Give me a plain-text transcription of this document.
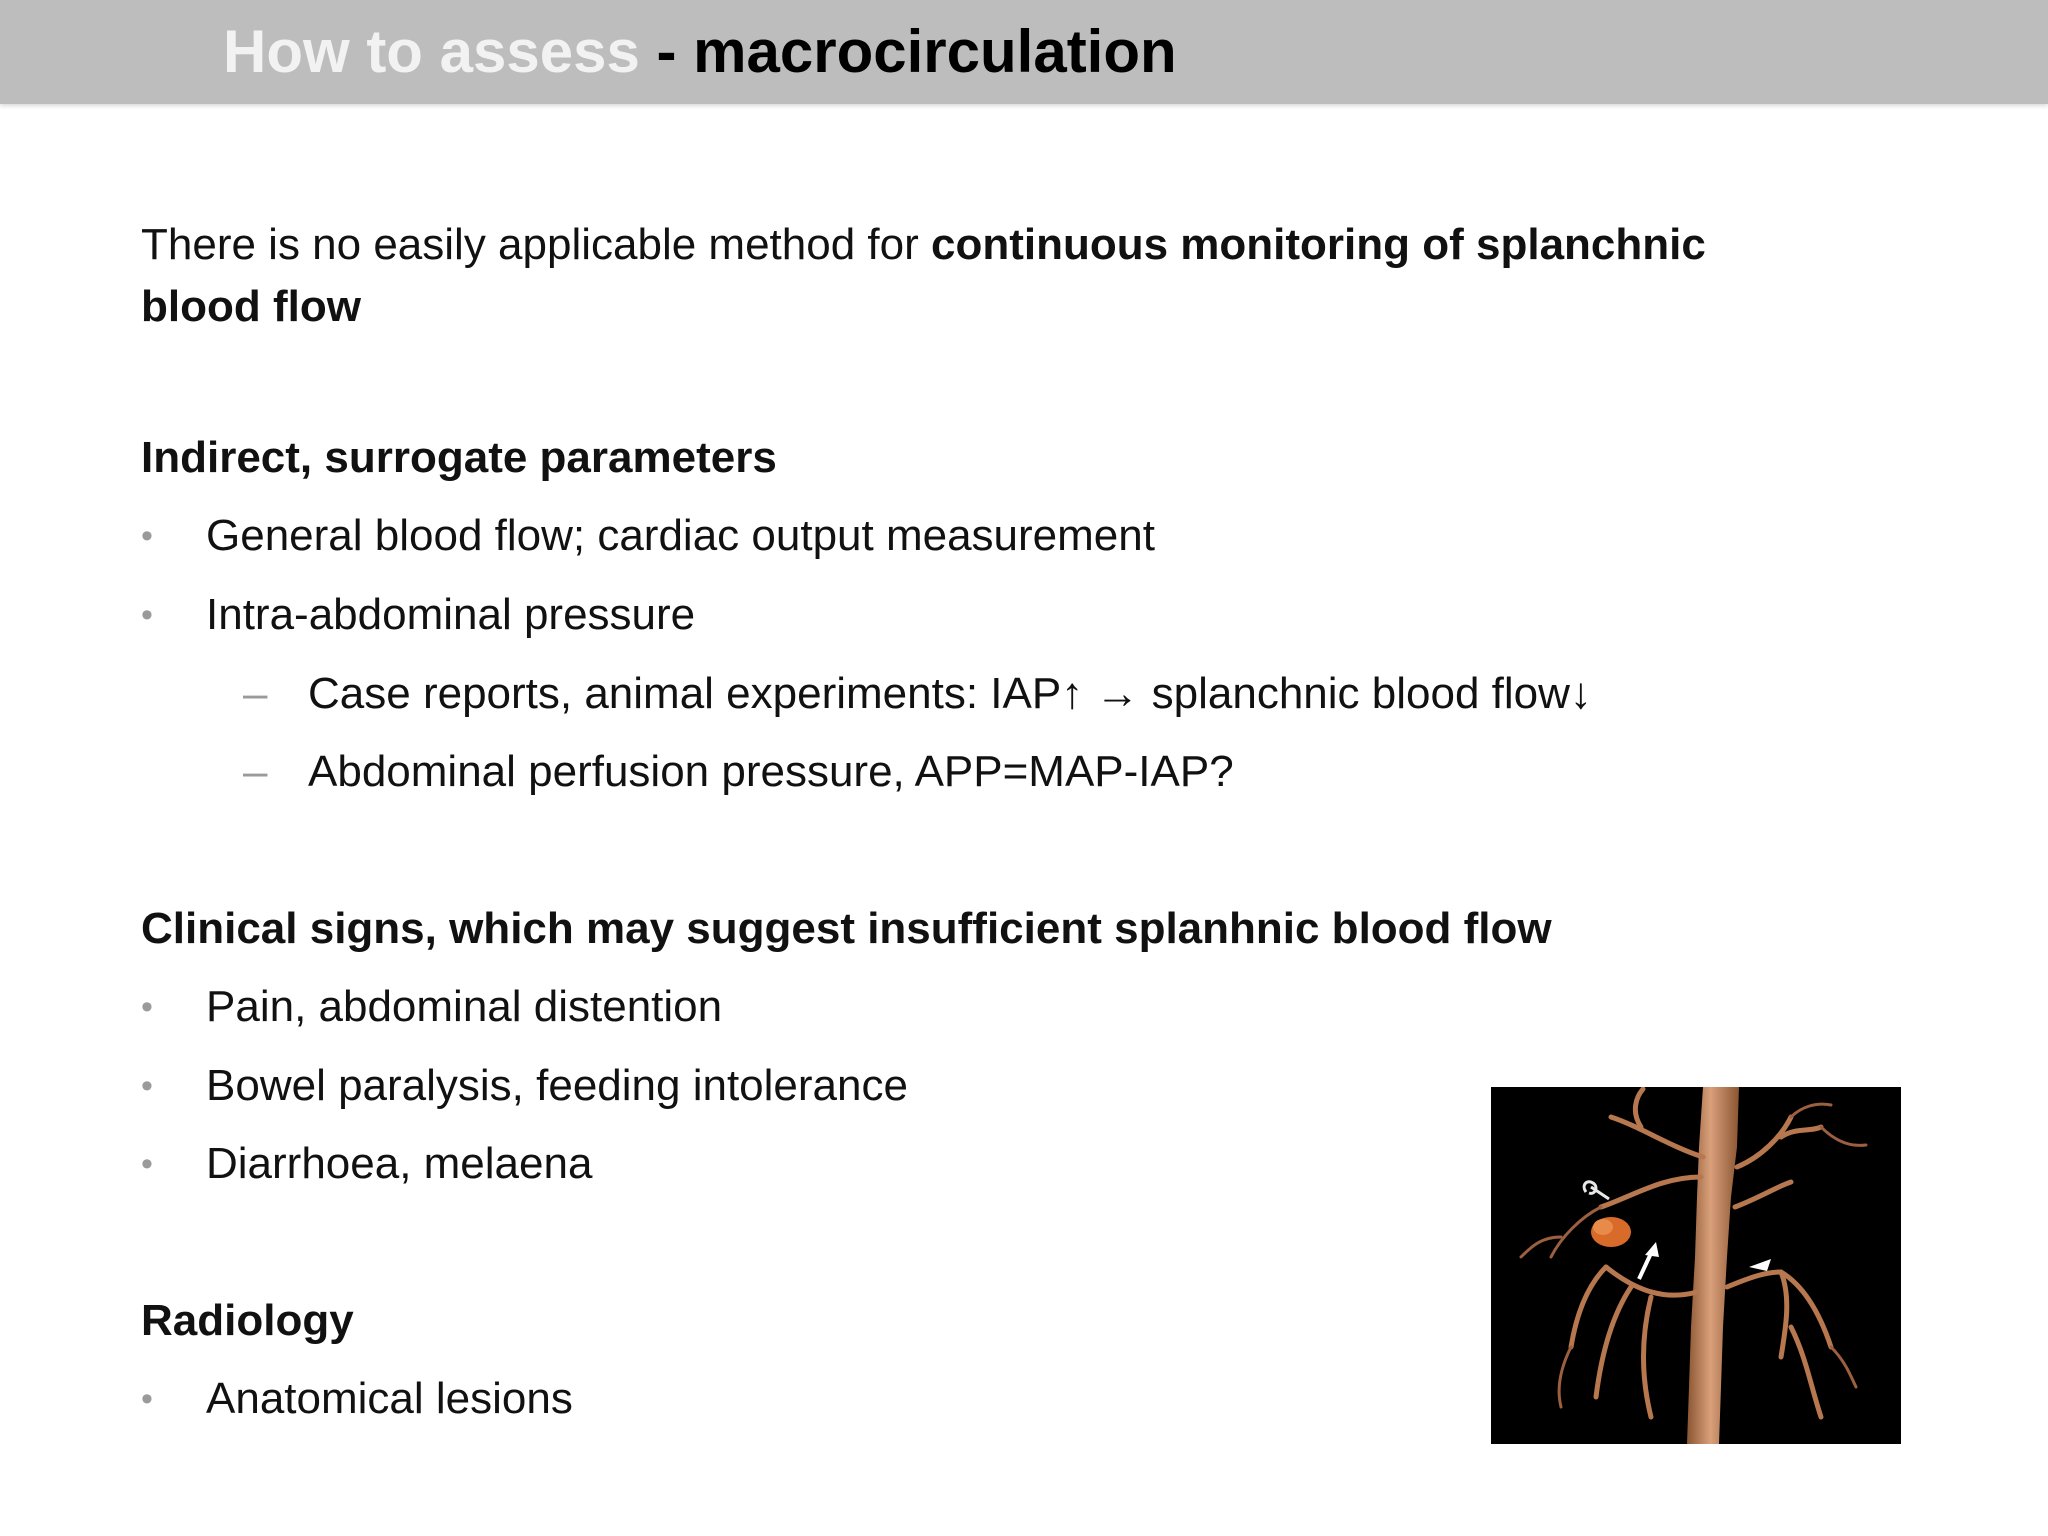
How to assess - macrocirculation

There is no easily applicable method for continuous monitoring of splanchnic
blood flow

Indirect, surrogate parameters
• General blood flow; cardiac output measurement
• Intra-abdominal pressure
– Case reports, animal experiments: IAP↑ → splanchnic blood flow↓
– Abdominal perfusion pressure, APP=MAP-IAP?
Clinical signs, which may suggest insufficient splanhnic blood flow
• Pain, abdominal distention
• Bowel paralysis, feeding intolerance
• Diarrhoea, melaena
Radiology
• Anatomical lesions
